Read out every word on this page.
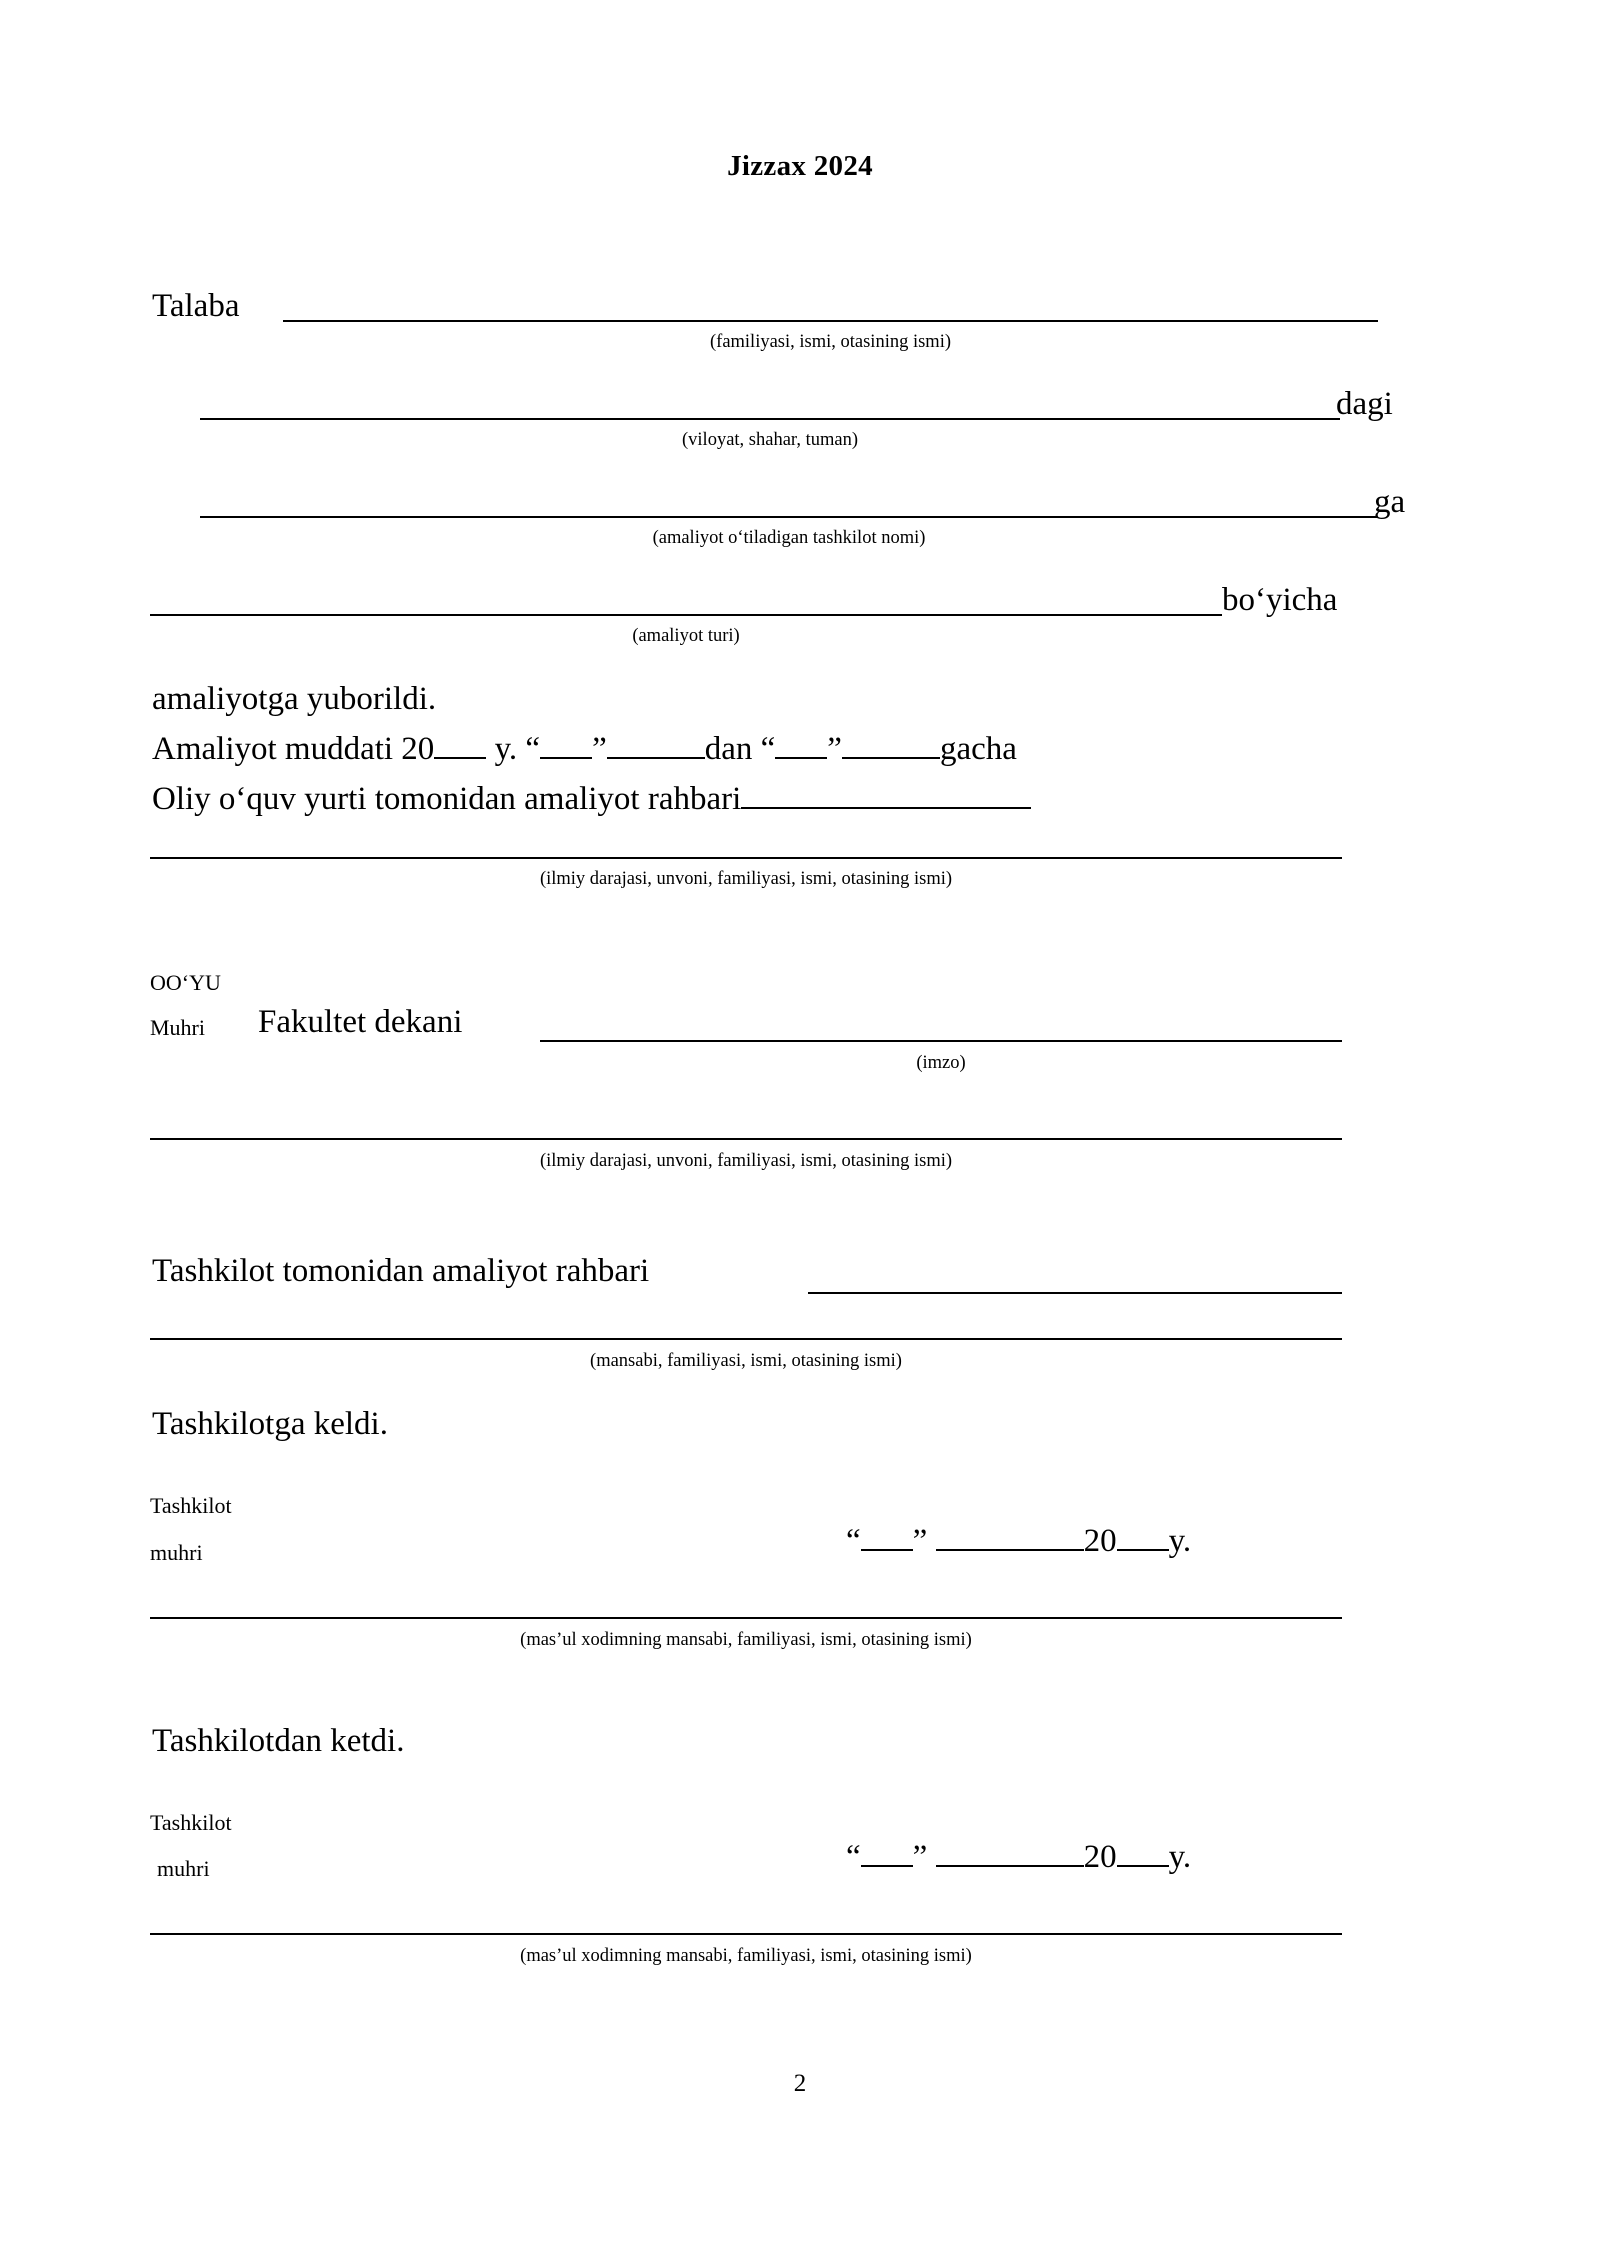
Jizzax 2024
Talaba
(familiyasi, ismi, otasining ismi)
dagi
(viloyat, shahar, tuman)
ga
(amaliyot o‘tiladigan tashkilot nomi)
bo‘yicha
(amaliyot turi)
amaliyotga yuborildi.
Amaliyot muddati 20 y. “ ”	dan “ ”	gacha
Oliy o‘quv yurti tomonidan amaliyot rahbari
(ilmiy darajasi, unvoni, familiyasi, ismi, otasining ismi)
OO‘YU
Muhri Fakultet dekani
(imzo)
(ilmiy darajasi, unvoni, familiyasi, ismi, otasining ismi)
Tashkilot tomonidan amaliyot rahbari
(mansabi, familiyasi, ismi, otasining ismi)
Tashkilotga keldi.
Tashkilot
muhri	“ ”	20 y.
(mas’ul xodimning mansabi, familiyasi, ismi, otasining ismi)
Tashkilotdan ketdi.
Tashkilot
muhri	“ ”	20 y.
(mas’ul xodimning mansabi, familiyasi, ismi, otasining ismi)
2
